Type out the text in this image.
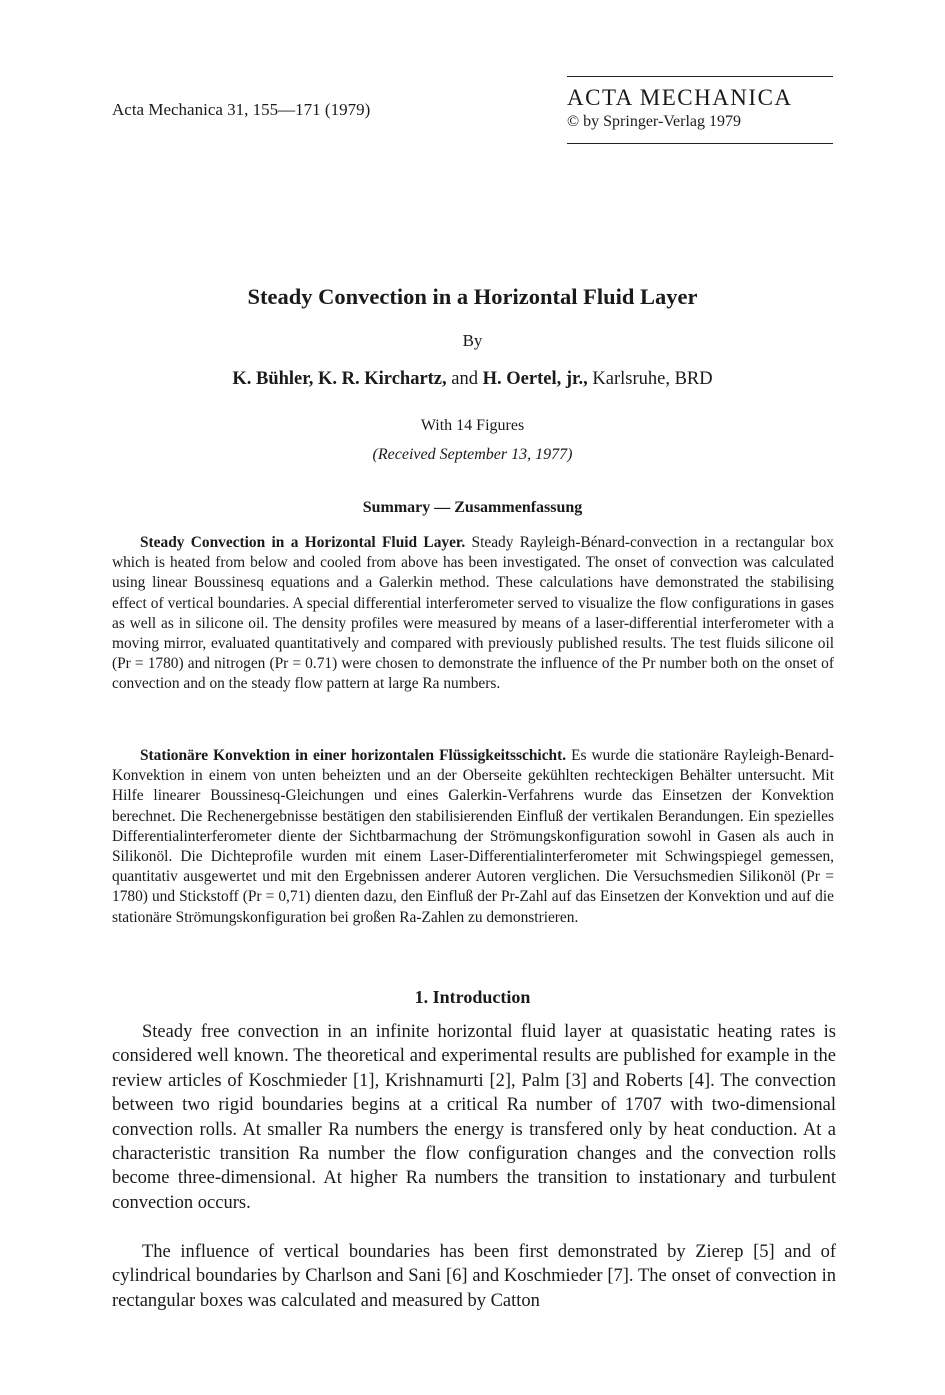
Acta Mechanica 31, 155—171 (1979)	ACTA MECHANICA
© by Springer-Verlag 1979
Steady Convection in a Horizontal Fluid Layer
By
K. Bühler, K. R. Kirchartz, and H. Oertel, jr., Karlsruhe, BRD
With 14 Figures
(Received September 13, 1977)
Summary — Zusammenfassung

Steady Convection in a Horizontal Fluid Layer. Steady Rayleigh-Bénard-convection in a rectangular box which is heated from below and cooled from above has been investigated. The onset of convection was calculated using linear Boussinesq equations and a Galerkin method. These calculations have demonstrated the stabilising effect of vertical boundaries. A special differential interferometer served to visualize the flow configurations in gases as well as in silicone oil. The density profiles were measured by means of a laser-differential interferometer with a moving mirror, evaluated quantitatively and compared with previously published results. The test fluids silicone oil (Pr = 1780) and nitrogen (Pr = 0.71) were chosen to demonstrate the influence of the Pr number both on the onset of convection and on the steady flow pattern at large Ra numbers.

Stationäre Konvektion in einer horizontalen Flüssigkeitsschicht. Es wurde die stationäre Rayleigh-Benard-Konvektion in einem von unten beheizten und an der Oberseite gekühlten rechteckigen Behälter untersucht. Mit Hilfe linearer Boussinesq-Gleichungen und eines Galerkin-Verfahrens wurde das Einsetzen der Konvektion berechnet. Die Rechenergebnisse bestätigen den stabilisierenden Einfluß der vertikalen Berandungen. Ein spezielles Differentialinterferometer diente der Sichtbarmachung der Strömungskonfiguration sowohl in Gasen als auch in Silikonöl. Die Dichteprofile wurden mit einem Laser-Differentialinterferometer mit Schwingspiegel gemessen, quantitativ ausgewertet und mit den Ergebnissen anderer Autoren verglichen. Die Versuchsmedien Silikonöl (Pr = 1780) und Stickstoff (Pr = 0,71) dienten dazu, den Einfluß der Pr-Zahl auf das Einsetzen der Konvektion und auf die stationäre Strömungskonfiguration bei großen Ra-Zahlen zu demonstrieren.

1. Introduction

Steady free convection in an infinite horizontal fluid layer at quasistatic heating rates is considered well known. The theoretical and experimental results are published for example in the review articles of Koschmieder [1], Krishnamurti [2], Palm [3] and Roberts [4]. The convection between two rigid boundaries begins at a critical Ra number of 1707 with two-dimensional convection rolls. At smaller Ra numbers the energy is transfered only by heat conduction. At a characteristic transition Ra number the flow configuration changes and the convection rolls become three-dimensional. At higher Ra numbers the transition to instationary and turbulent convection occurs.

The influence of vertical boundaries has been first demonstrated by Zierep [5] and of cylindrical boundaries by Charlson and Sani [6] and Koschmieder [7]. The onset of convection in rectangular boxes was calculated and measured by Catton
